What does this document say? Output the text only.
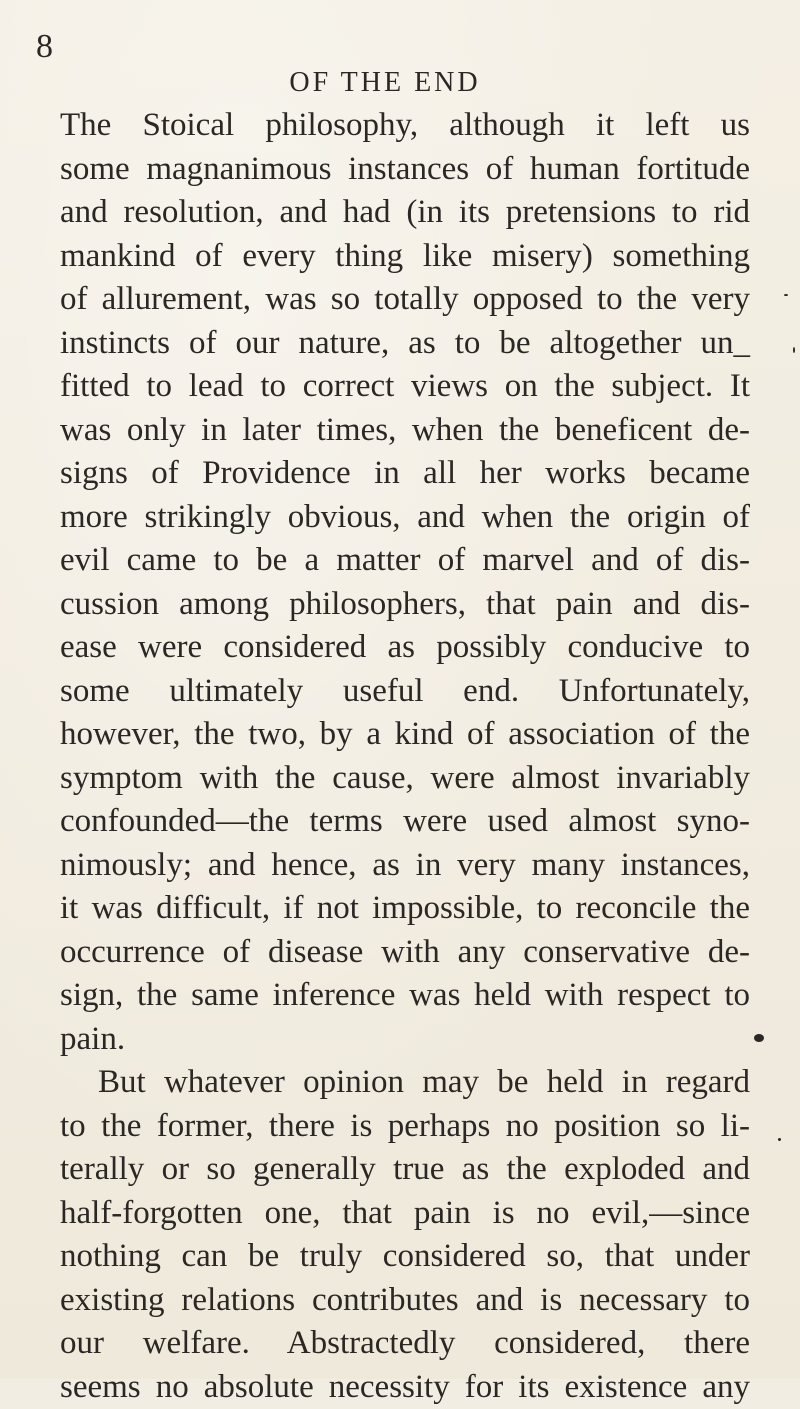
8
OF THE END
The Stoical philosophy, although it left us
some magnanimous instances of human fortitude
and resolution, and had (in its pretensions to rid
mankind of every thing like misery) something
of allurement, was so totally opposed to the very
instincts of our nature, as to be altogether un_
fitted to lead to correct views on the subject. It
was only in later times, when the beneficent de-
signs of Providence in all her works became
more strikingly obvious, and when the origin of
evil came to be a matter of marvel and of dis-
cussion among philosophers, that pain and dis-
ease were considered as possibly conducive to
some ultimately useful end. Unfortunately,
however, the two, by a kind of association of the
symptom with the cause, were almost invariably
confounded—the terms were used almost syno-
nimously; and hence, as in very many instances,
it was difficult, if not impossible, to reconcile the
occurrence of disease with any conservative de-
sign, the same inference was held with respect to
pain.
But whatever opinion may be held in regard
to the former, there is perhaps no position so li-
terally or so generally true as the exploded and
half-forgotten one, that pain is no evil,—since
nothing can be truly considered so, that under
existing relations contributes and is necessary to
our welfare. Abstractedly considered, there
seems no absolute necessity for its existence any
